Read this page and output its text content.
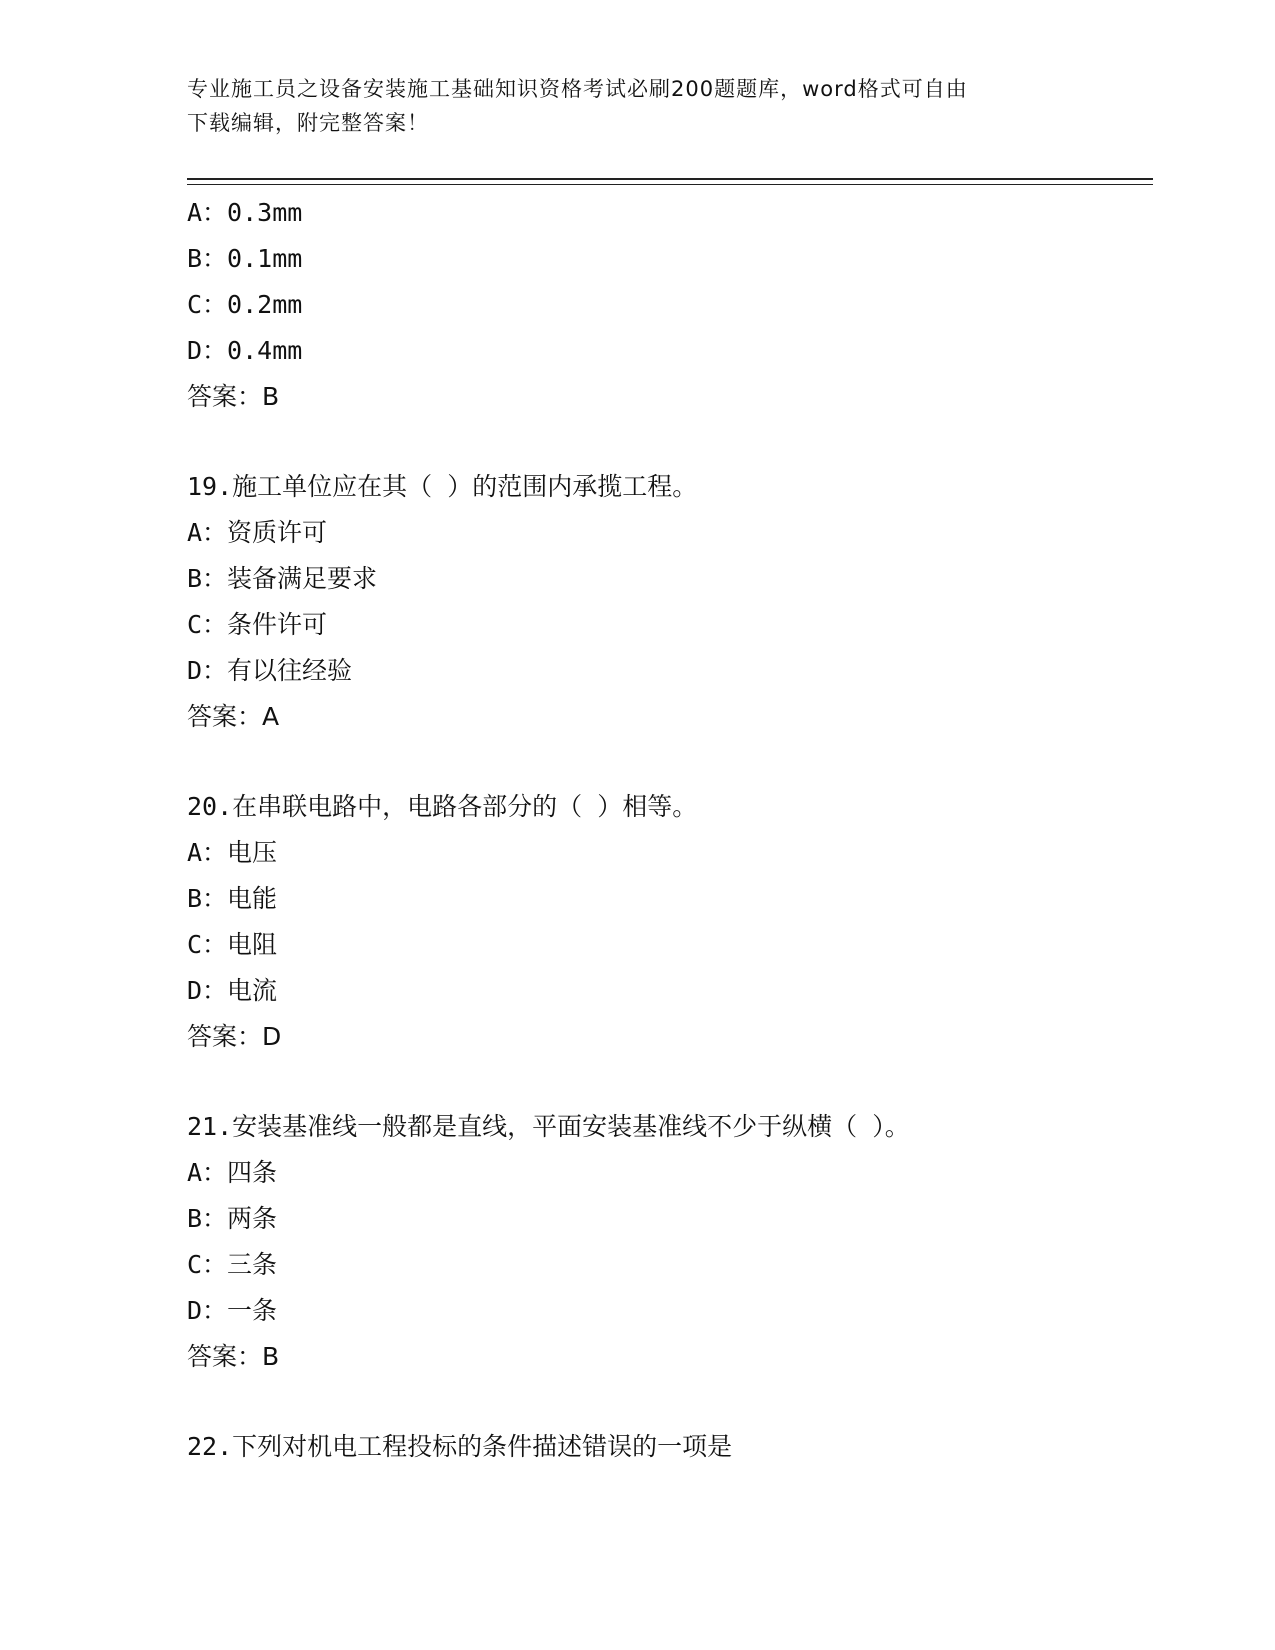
专业施工员之设备安装施工基础知识资格考试必刷200题题库，word格式可自由
下载编辑，附完整答案！
A：0.3mm
B：0.1mm
C：0.2mm
D：0.4mm
答案：B
19.施工单位应在其（ ）的范围内承揽工程。
A：资质许可
B：装备满足要求
C：条件许可
D：有以往经验
答案：A
20.在串联电路中，电路各部分的（ ）相等。
A：电压
B：电能
C：电阻
D：电流
答案：D
21.安装基准线一般都是直线，平面安装基准线不少于纵横（ ）。
A：四条
B：两条
C：三条
D：一条
答案：B
22.下列对机电工程投标的条件描述错误的一项是
